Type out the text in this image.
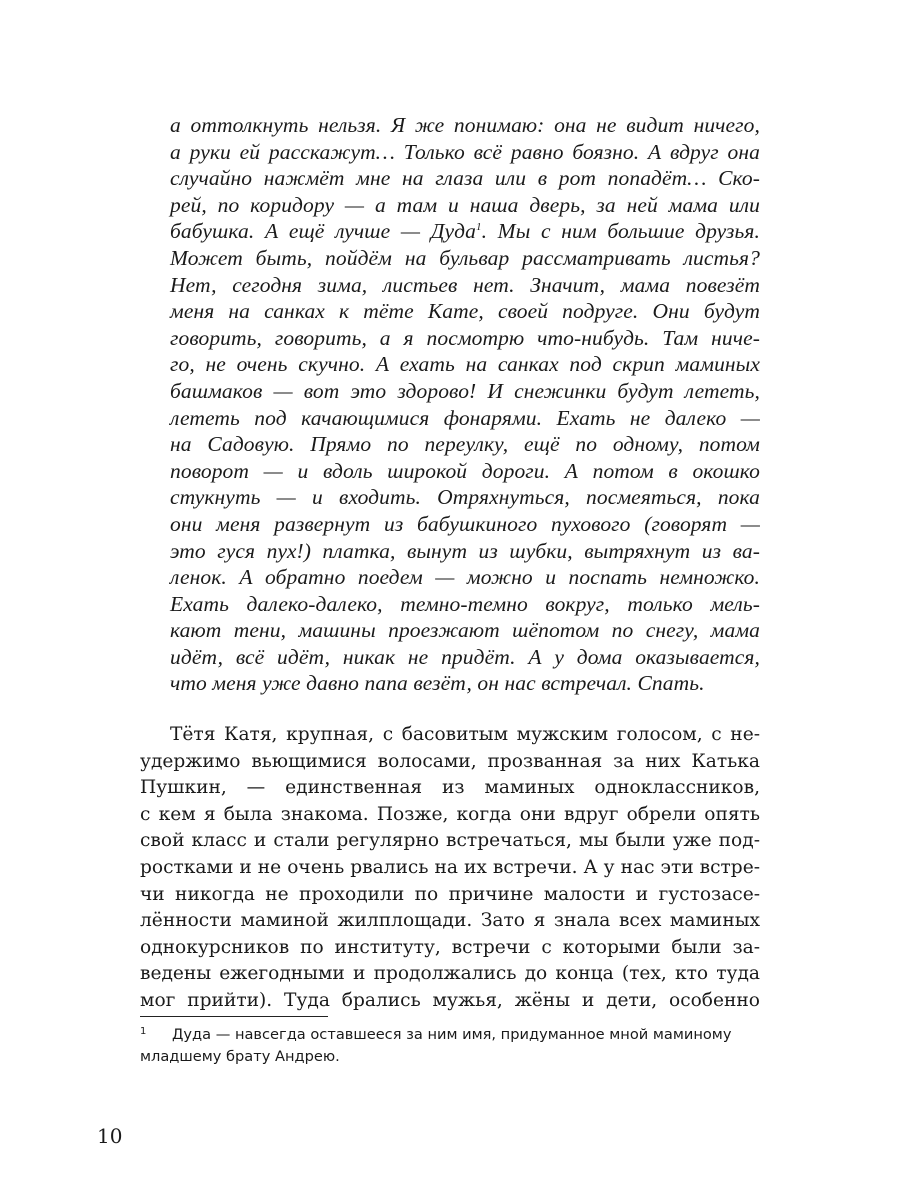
а оттолкнуть нельзя. Я же понимаю: она не видит ничего,
а руки ей расскажут… Только всё равно боязно. А вдруг она
случайно нажмёт мне на глаза или в рот попадёт… Ско-
рей, по коридору — а там и наша дверь, за ней мама или
бабушка. А ещё лучше — Дуда$^1$. Мы с ним большие друзья.
Может быть, пойдём на бульвар рассматривать листья?
Нет, сегодня зима, листьев нет. Значит, мама повезёт
меня на санках к тёте Кате, своей подруге. Они будут
говорить, говорить, а я посмотрю что-нибудь. Там ниче-
го, не очень скучно. А ехать на санках под скрип маминых
башмаков — вот это здорово! И снежинки будут лететь,
лететь под качающимися фонарями. Ехать не далеко —
на Садовую. Прямо по переулку, ещё по одному, потом
поворот — и вдоль широкой дороги. А потом в окошко
стукнуть — и входить. Отряхнуться, посмеяться, пока
они меня развернут из бабушкиного пухового (говорят —
это гуся пух!) платка, вынут из шубки, вытряхнут из ва-
ленок. А обратно поедем — можно и поспать немножко.
Ехать далеко-далеко, темно-темно вокруг, только мель-
кают тени, машины проезжают шёпотом по снегу, мама
идёт, всё идёт, никак не придёт. А у дома оказывается,
что меня уже давно папа везёт, он нас встречал. Спать.
Тётя Катя, крупная, с басовитым мужским голосом, с не-
удержимо вьющимися волосами, прозванная за них Катька
Пушкин, — единственная из маминых одноклассников,
с кем я была знакома. Позже, когда они вдруг обрели опять
свой класс и стали регулярно встречаться, мы были уже под-
ростками и не очень рвались на их встречи. А у нас эти встре-
чи никогда не проходили по причине малости и густозасе-
лённости маминой жилплощади. Зато я знала всех маминых
однокурсников по институту, встречи с которыми были за-
ведены ежегодными и продолжались до конца (тех, кто туда
мог прийти). Туда брались мужья, жёны и дети, особенно
1 Дуда — навсегда оставшееся за ним имя, придуманное мной маминому
младшему брату Андрею.
10
